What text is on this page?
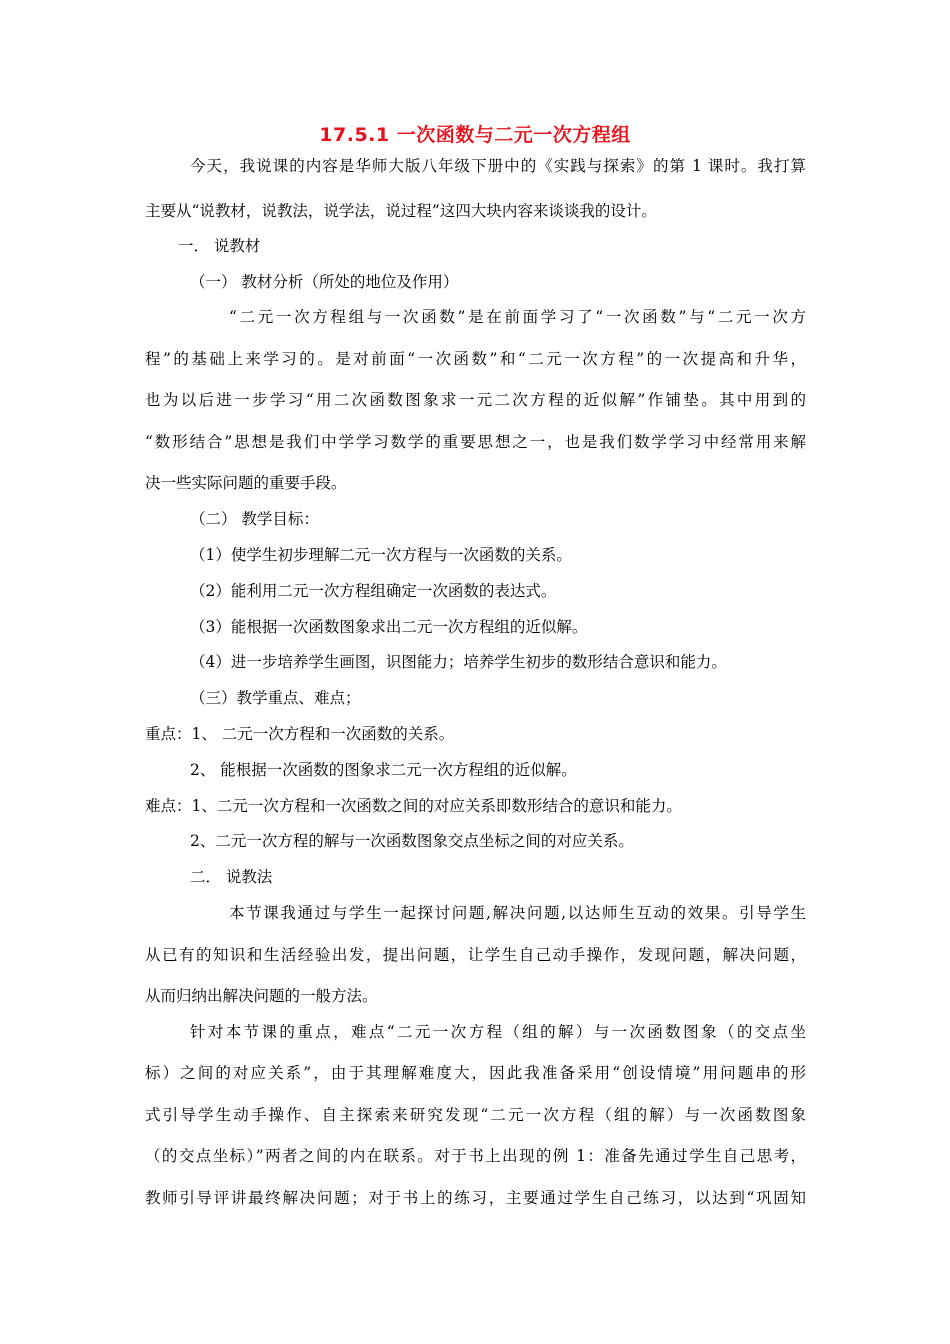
17.5.1 一次函数与二元一次方程组
今天，我说课的内容是华师大版八年级下册中的《实践与探索》的第 1 课时。我打算
主要从“说教材，说教法，说学法，说过程”这四大块内容来谈谈我的设计。
一． 说教材
（一） 教材分析（所处的地位及作用）
“二元一次方程组与一次函数”是在前面学习了“一次函数”与“二元一次方
程”的基础上来学习的。是对前面“一次函数”和“二元一次方程”的一次提高和升华，
也为以后进一步学习“用二次函数图象求一元二次方程的近似解”作铺垫。其中用到的
“数形结合”思想是我们中学学习数学的重要思想之一，也是我们数学学习中经常用来解
决一些实际问题的重要手段。
（二） 教学目标：
（1）使学生初步理解二元一次方程与一次函数的关系。
（2）能利用二元一次方程组确定一次函数的表达式。
（3）能根据一次函数图象求出二元一次方程组的近似解。
（4）进一步培养学生画图，识图能力；培养学生初步的数形结合意识和能力。
（三）教学重点、难点；
重点：1、 二元一次方程和一次函数的关系。
2、 能根据一次函数的图象求二元一次方程组的近似解。
难点：1、二元一次方程和一次函数之间的对应关系即数形结合的意识和能力。
2、二元一次方程的解与一次函数图象交点坐标之间的对应关系。
二． 说教法
本节课我通过与学生一起探讨问题,解决问题,以达师生互动的效果。引导学生
从已有的知识和生活经验出发，提出问题，让学生自己动手操作，发现问题，解决问题，
从而归纳出解决问题的一般方法。
针对本节课的重点，难点“二元一次方程（组的解）与一次函数图象（的交点坐
标）之间的对应关系”，由于其理解难度大，因此我准备采用“创设情境”用问题串的形
式引导学生动手操作、自主探索来研究发现“二元一次方程（组的解）与一次函数图象
（的交点坐标）”两者之间的内在联系。对于书上出现的例 1：准备先通过学生自己思考，
教师引导评讲最终解决问题；对于书上的练习，主要通过学生自己练习，以达到“巩固知
